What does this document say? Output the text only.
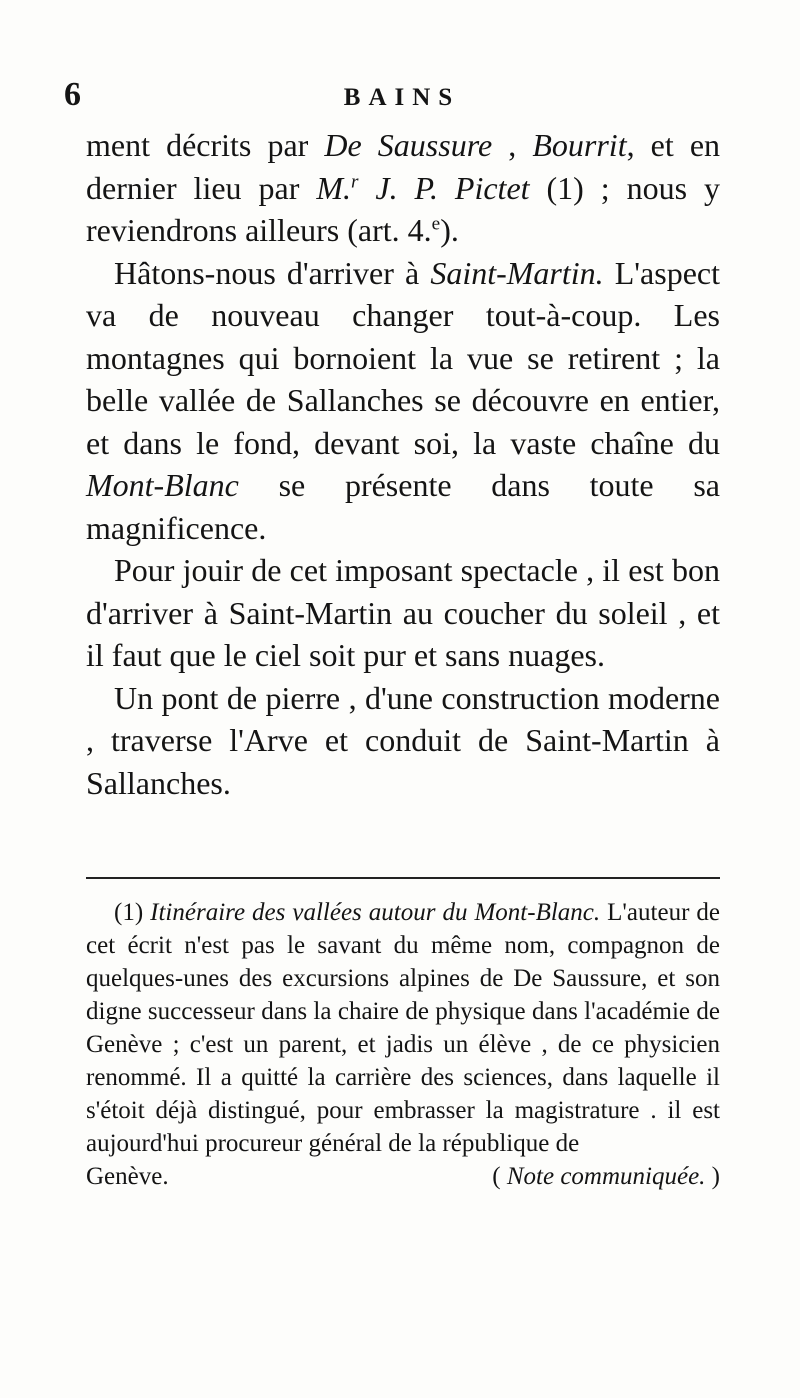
6	BAINS

ment décrits par De Saussure , Bourrit, et en dernier lieu par M.$^r$ J. P. Pictet (1) ; nous y reviendrons ailleurs (art. 4.$^e$).

Hâtons-nous d'arriver à Saint-Martin. L'aspect va de nouveau changer tout-à-coup. Les montagnes qui bornoient la vue se retirent ; la belle vallée de Sallanches se découvre en entier, et dans le fond, devant soi, la vaste chaîne du Mont-Blanc se présente dans toute sa magnificence.

Pour jouir de cet imposant spectacle , il est bon d'arriver à Saint-Martin au coucher du soleil , et il faut que le ciel soit pur et sans nuages.

Un pont de pierre , d'une construction moderne , traverse l'Arve et conduit de Saint-Martin à Sallanches.

(1) Itinéraire des vallées autour du Mont-Blanc. L'auteur de cet écrit n'est pas le savant du même nom, compagnon de quelques-unes des excursions alpines de De Saussure, et son digne successeur dans la chaire de physique dans l'académie de Genève ; c'est un parent, et jadis un élève , de ce physicien renommé. Il a quitté la carrière des sciences, dans laquelle il s'étoit déjà distingué, pour embrasser la magistrature . il est aujourd'hui procureur général de la république de

Genève.	( Note communiquée. )
